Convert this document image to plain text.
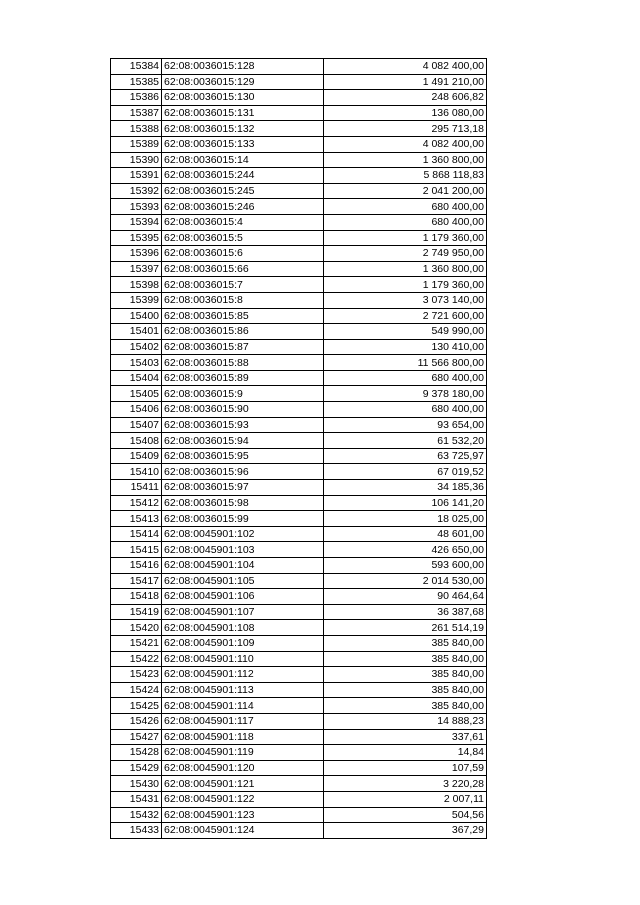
15384	62:08:0036015:128	4 082 400,00
15385	62:08:0036015:129	1 491 210,00
15386	62:08:0036015:130	248 606,82
15387	62:08:0036015:131	136 080,00
15388	62:08:0036015:132	295 713,18
15389	62:08:0036015:133	4 082 400,00
15390	62:08:0036015:14	1 360 800,00
15391	62:08:0036015:244	5 868 118,83
15392	62:08:0036015:245	2 041 200,00
15393	62:08:0036015:246	680 400,00
15394	62:08:0036015:4	680 400,00
15395	62:08:0036015:5	1 179 360,00
15396	62:08:0036015:6	2 749 950,00
15397	62:08:0036015:66	1 360 800,00
15398	62:08:0036015:7	1 179 360,00
15399	62:08:0036015:8	3 073 140,00
15400	62:08:0036015:85	2 721 600,00
15401	62:08:0036015:86	549 990,00
15402	62:08:0036015:87	130 410,00
15403	62:08:0036015:88	11 566 800,00
15404	62:08:0036015:89	680 400,00
15405	62:08:0036015:9	9 378 180,00
15406	62:08:0036015:90	680 400,00
15407	62:08:0036015:93	93 654,00
15408	62:08:0036015:94	61 532,20
15409	62:08:0036015:95	63 725,97
15410	62:08:0036015:96	67 019,52
15411	62:08:0036015:97	34 185,36
15412	62:08:0036015:98	106 141,20
15413	62:08:0036015:99	18 025,00
15414	62:08:0045901:102	48 601,00
15415	62:08:0045901:103	426 650,00
15416	62:08:0045901:104	593 600,00
15417	62:08:0045901:105	2 014 530,00
15418	62:08:0045901:106	90 464,64
15419	62:08:0045901:107	36 387,68
15420	62:08:0045901:108	261 514,19
15421	62:08:0045901:109	385 840,00
15422	62:08:0045901:110	385 840,00
15423	62:08:0045901:112	385 840,00
15424	62:08:0045901:113	385 840,00
15425	62:08:0045901:114	385 840,00
15426	62:08:0045901:117	14 888,23
15427	62:08:0045901:118	337,61
15428	62:08:0045901:119	14,84
15429	62:08:0045901:120	107,59
15430	62:08:0045901:121	3 220,28
15431	62:08:0045901:122	2 007,11
15432	62:08:0045901:123	504,56
15433	62:08:0045901:124	367,29
